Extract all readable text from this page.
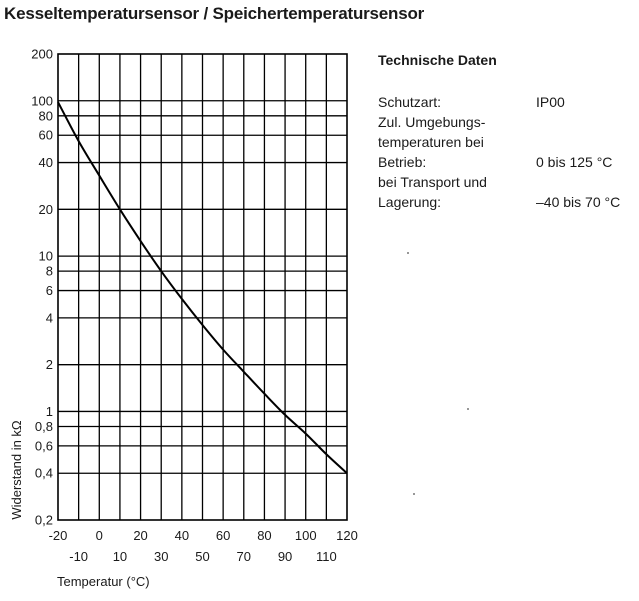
Kesseltemperatursensor / Speichertemperatursensor
200
100
80
60
40
20
10
8
6
4
2
1
0,8
0,6
0,4
0,2
-20 0 20 40 60 80 100 120
-10 10 30 50 70 90 110
Widerstand in kΩ
Temperatur (°C)
Technische Daten
Schutzart:	IP00
Zul. Umgebungs-
temperaturen bei
Betrieb:	0 bis 125 °C
bei Transport und
Lagerung:	–40 bis 70 °C
